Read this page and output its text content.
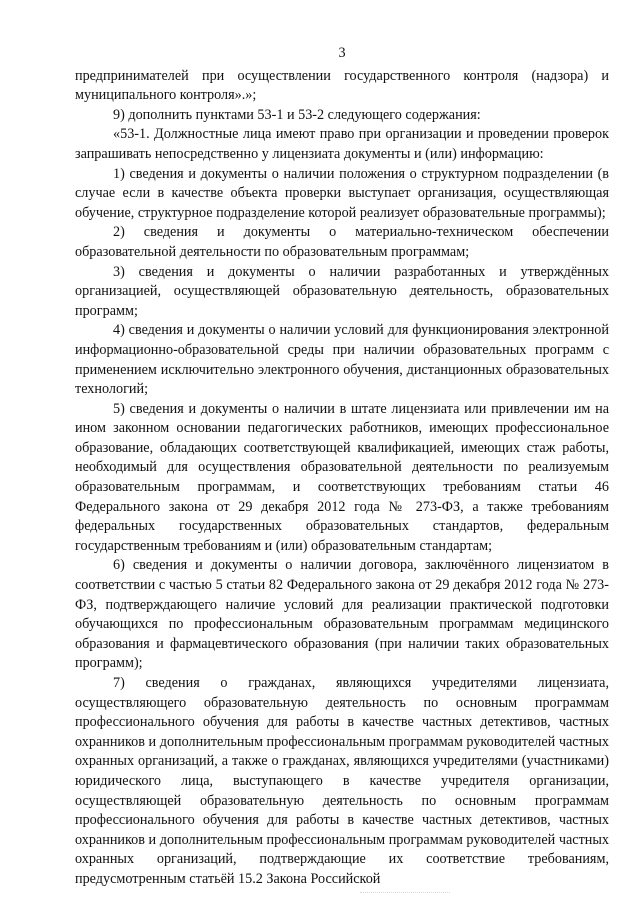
3

предпринимателей при осуществлении государственного контроля (надзора) и муниципального контроля».»;

9) дополнить пунктами 53-1 и 53-2 следующего содержания:

«53-1. Должностные лица имеют право при организации и проведении проверок запрашивать непосредственно у лицензиата документы и (или) информацию:

1) сведения и документы о наличии положения о структурном подразделении (в случае если в качестве объекта проверки выступает организация, осуществляющая обучение, структурное подразделение которой реализует образовательные программы);

2) сведения и документы о материально-техническом обеспечении образовательной деятельности по образовательным программам;

3) сведения и документы о наличии разработанных и утверждённых организацией, осуществляющей образовательную деятельность, образовательных программ;

4) сведения и документы о наличии условий для функционирования электронной информационно-образовательной среды при наличии образовательных программ с применением исключительно электронного обучения, дистанционных образовательных технологий;

5) сведения и документы о наличии в штате лицензиата или привлечении им на ином законном основании педагогических работников, имеющих профессиональное образование, обладающих соответствующей квалификацией, имеющих стаж работы, необходимый для осуществления образовательной деятельности по реализуемым образовательным программам, и соответствующих требованиям статьи 46 Федерального закона от 29 декабря 2012 года № 273-ФЗ, а также требованиям федеральных государственных образовательных стандартов, федеральным государственным требованиям и (или) образовательным стандартам;

6) сведения и документы о наличии договора, заключённого лицензиатом в соответствии с частью 5 статьи 82 Федерального закона от 29 декабря 2012 года № 273-ФЗ, подтверждающего наличие условий для реализации практической подготовки обучающихся по профессиональным образовательным программам медицинского образования и фармацевтического образования (при наличии таких образовательных программ);

7) сведения о гражданах, являющихся учредителями лицензиата, осуществляющего образовательную деятельность по основным программам профессионального обучения для работы в качестве частных детективов, частных охранников и дополнительным профессиональным программам руководителей частных охранных организаций, а также о гражданах, являющихся учредителями (участниками) юридического лица, выступающего в качестве учредителя организации, осуществляющей образовательную деятельность по основным программам профессионального обучения для работы в качестве частных детективов, частных охранников и дополнительным профессиональным программам руководителей частных охранных организаций, подтверждающие их соответствие требованиям, предусмотренным статьёй 15.2 Закона Российской
